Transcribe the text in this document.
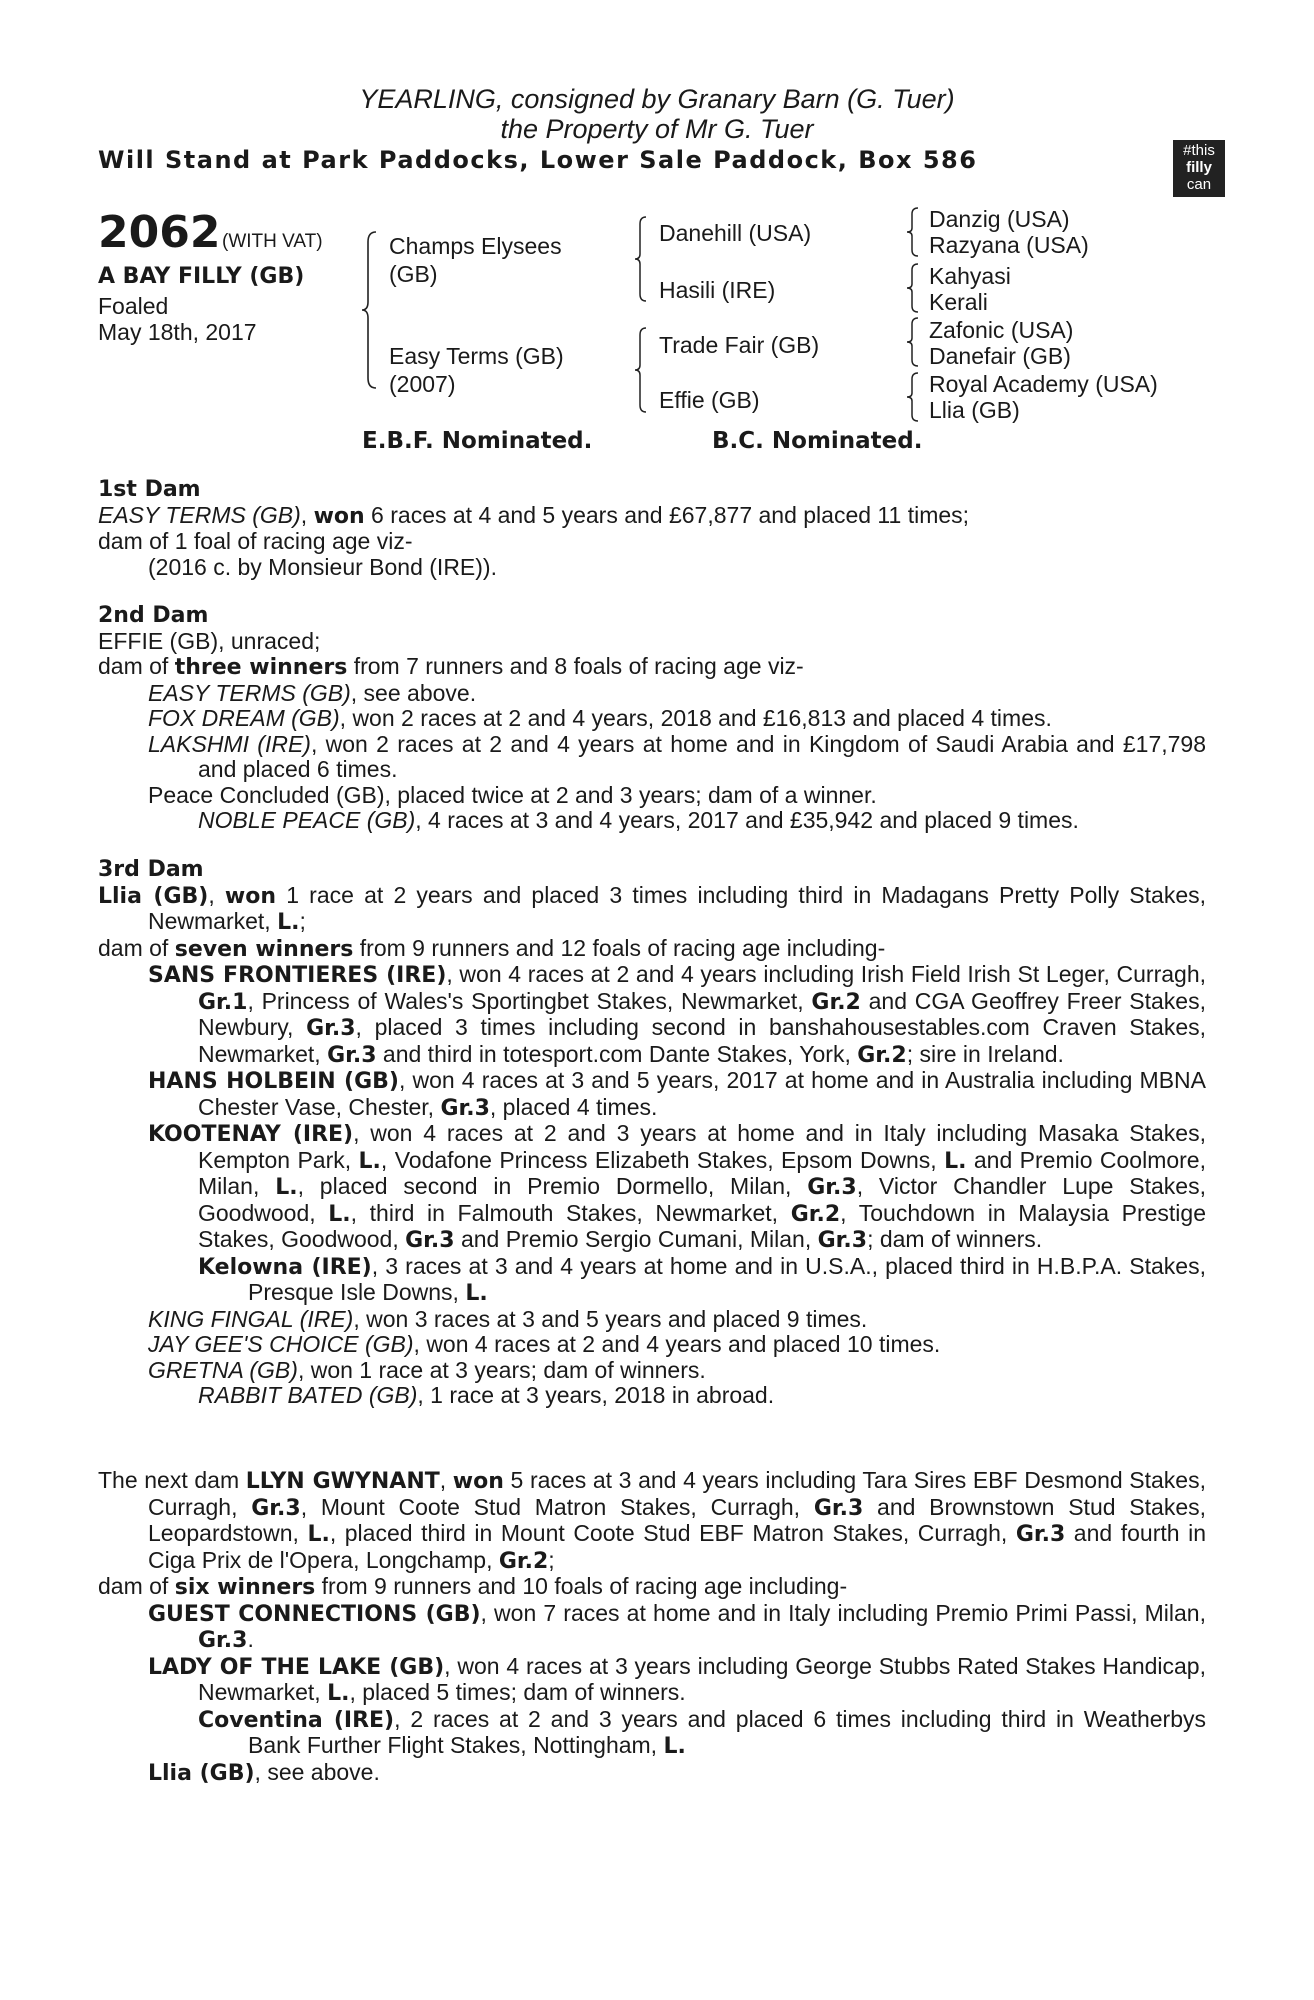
YEARLING, consigned by Granary Barn (G. Tuer)
the Property of Mr G. Tuer
Will Stand at Park Paddocks, Lower Sale Paddock, Box 586	#this
filly
can
2062 (WITH VAT)
A BAY FILLY (GB)
Foaled
May 18th, 2017
Champs Elysees
(GB)
Easy Terms (GB)
(2007)
Danehill (USA)
Hasili (IRE)
Trade Fair (GB)
Effie (GB)
Danzig (USA)
Razyana (USA)
Kahyasi
Kerali
Zafonic (USA)
Danefair (GB)
Royal Academy (USA)
Llia (GB)
E.B.F. Nominated.	B.C. Nominated.

1st Dam

EASY TERMS (GB), won 6 races at 4 and 5 years and £67,877 and placed 11 times;

dam of 1 foal of racing age viz-

(2016 c. by Monsieur Bond (IRE)).

2nd Dam

EFFIE (GB), unraced;

dam of three winners from 7 runners and 8 foals of racing age viz-

EASY TERMS (GB), see above.

FOX DREAM (GB), won 2 races at 2 and 4 years, 2018 and £16,813 and placed 4 times.

LAKSHMI (IRE), won 2 races at 2 and 4 years at home and in Kingdom of Saudi Arabia and £17,798 and placed 6 times.

Peace Concluded (GB), placed twice at 2 and 3 years; dam of a winner.

NOBLE PEACE (GB), 4 races at 3 and 4 years, 2017 and £35,942 and placed 9 times.

3rd Dam

Llia (GB), won 1 race at 2 years and placed 3 times including third in Madagans Pretty Polly Stakes, Newmarket, L.;

dam of seven winners from 9 runners and 12 foals of racing age including-

SANS FRONTIERES (IRE), won 4 races at 2 and 4 years including Irish Field Irish St Leger, Curragh, Gr.1, Princess of Wales's Sportingbet Stakes, Newmarket, Gr.2 and CGA Geoffrey Freer Stakes, Newbury, Gr.3, placed 3 times including second in banshahousestables.com Craven Stakes, Newmarket, Gr.3 and third in totesport.com Dante Stakes, York, Gr.2; sire in Ireland.

HANS HOLBEIN (GB), won 4 races at 3 and 5 years, 2017 at home and in Australia including MBNA Chester Vase, Chester, Gr.3, placed 4 times.

KOOTENAY (IRE), won 4 races at 2 and 3 years at home and in Italy including Masaka Stakes, Kempton Park, L., Vodafone Princess Elizabeth Stakes, Epsom Downs, L. and Premio Coolmore, Milan, L., placed second in Premio Dormello, Milan, Gr.3, Victor Chandler Lupe Stakes, Goodwood, L., third in Falmouth Stakes, Newmarket, Gr.2, Touchdown in Malaysia Prestige Stakes, Goodwood, Gr.3 and Premio Sergio Cumani, Milan, Gr.3; dam of winners.

Kelowna (IRE), 3 races at 3 and 4 years at home and in U.S.A., placed third in H.B.P.A. Stakes, Presque Isle Downs, L.

KING FINGAL (IRE), won 3 races at 3 and 5 years and placed 9 times.

JAY GEE'S CHOICE (GB), won 4 races at 2 and 4 years and placed 10 times.

GRETNA (GB), won 1 race at 3 years; dam of winners.

RABBIT BATED (GB), 1 race at 3 years, 2018 in abroad.

The next dam LLYN GWYNANT, won 5 races at 3 and 4 years including Tara Sires EBF Desmond Stakes, Curragh, Gr.3, Mount Coote Stud Matron Stakes, Curragh, Gr.3 and Brownstown Stud Stakes, Leopardstown, L., placed third in Mount Coote Stud EBF Matron Stakes, Curragh, Gr.3 and fourth in Ciga Prix de l'Opera, Longchamp, Gr.2;

dam of six winners from 9 runners and 10 foals of racing age including-

GUEST CONNECTIONS (GB), won 7 races at home and in Italy including Premio Primi Passi, Milan, Gr.3.

LADY OF THE LAKE (GB), won 4 races at 3 years including George Stubbs Rated Stakes Handicap, Newmarket, L., placed 5 times; dam of winners.

Coventina (IRE), 2 races at 2 and 3 years and placed 6 times including third in Weatherbys Bank Further Flight Stakes, Nottingham, L.

Llia (GB), see above.
